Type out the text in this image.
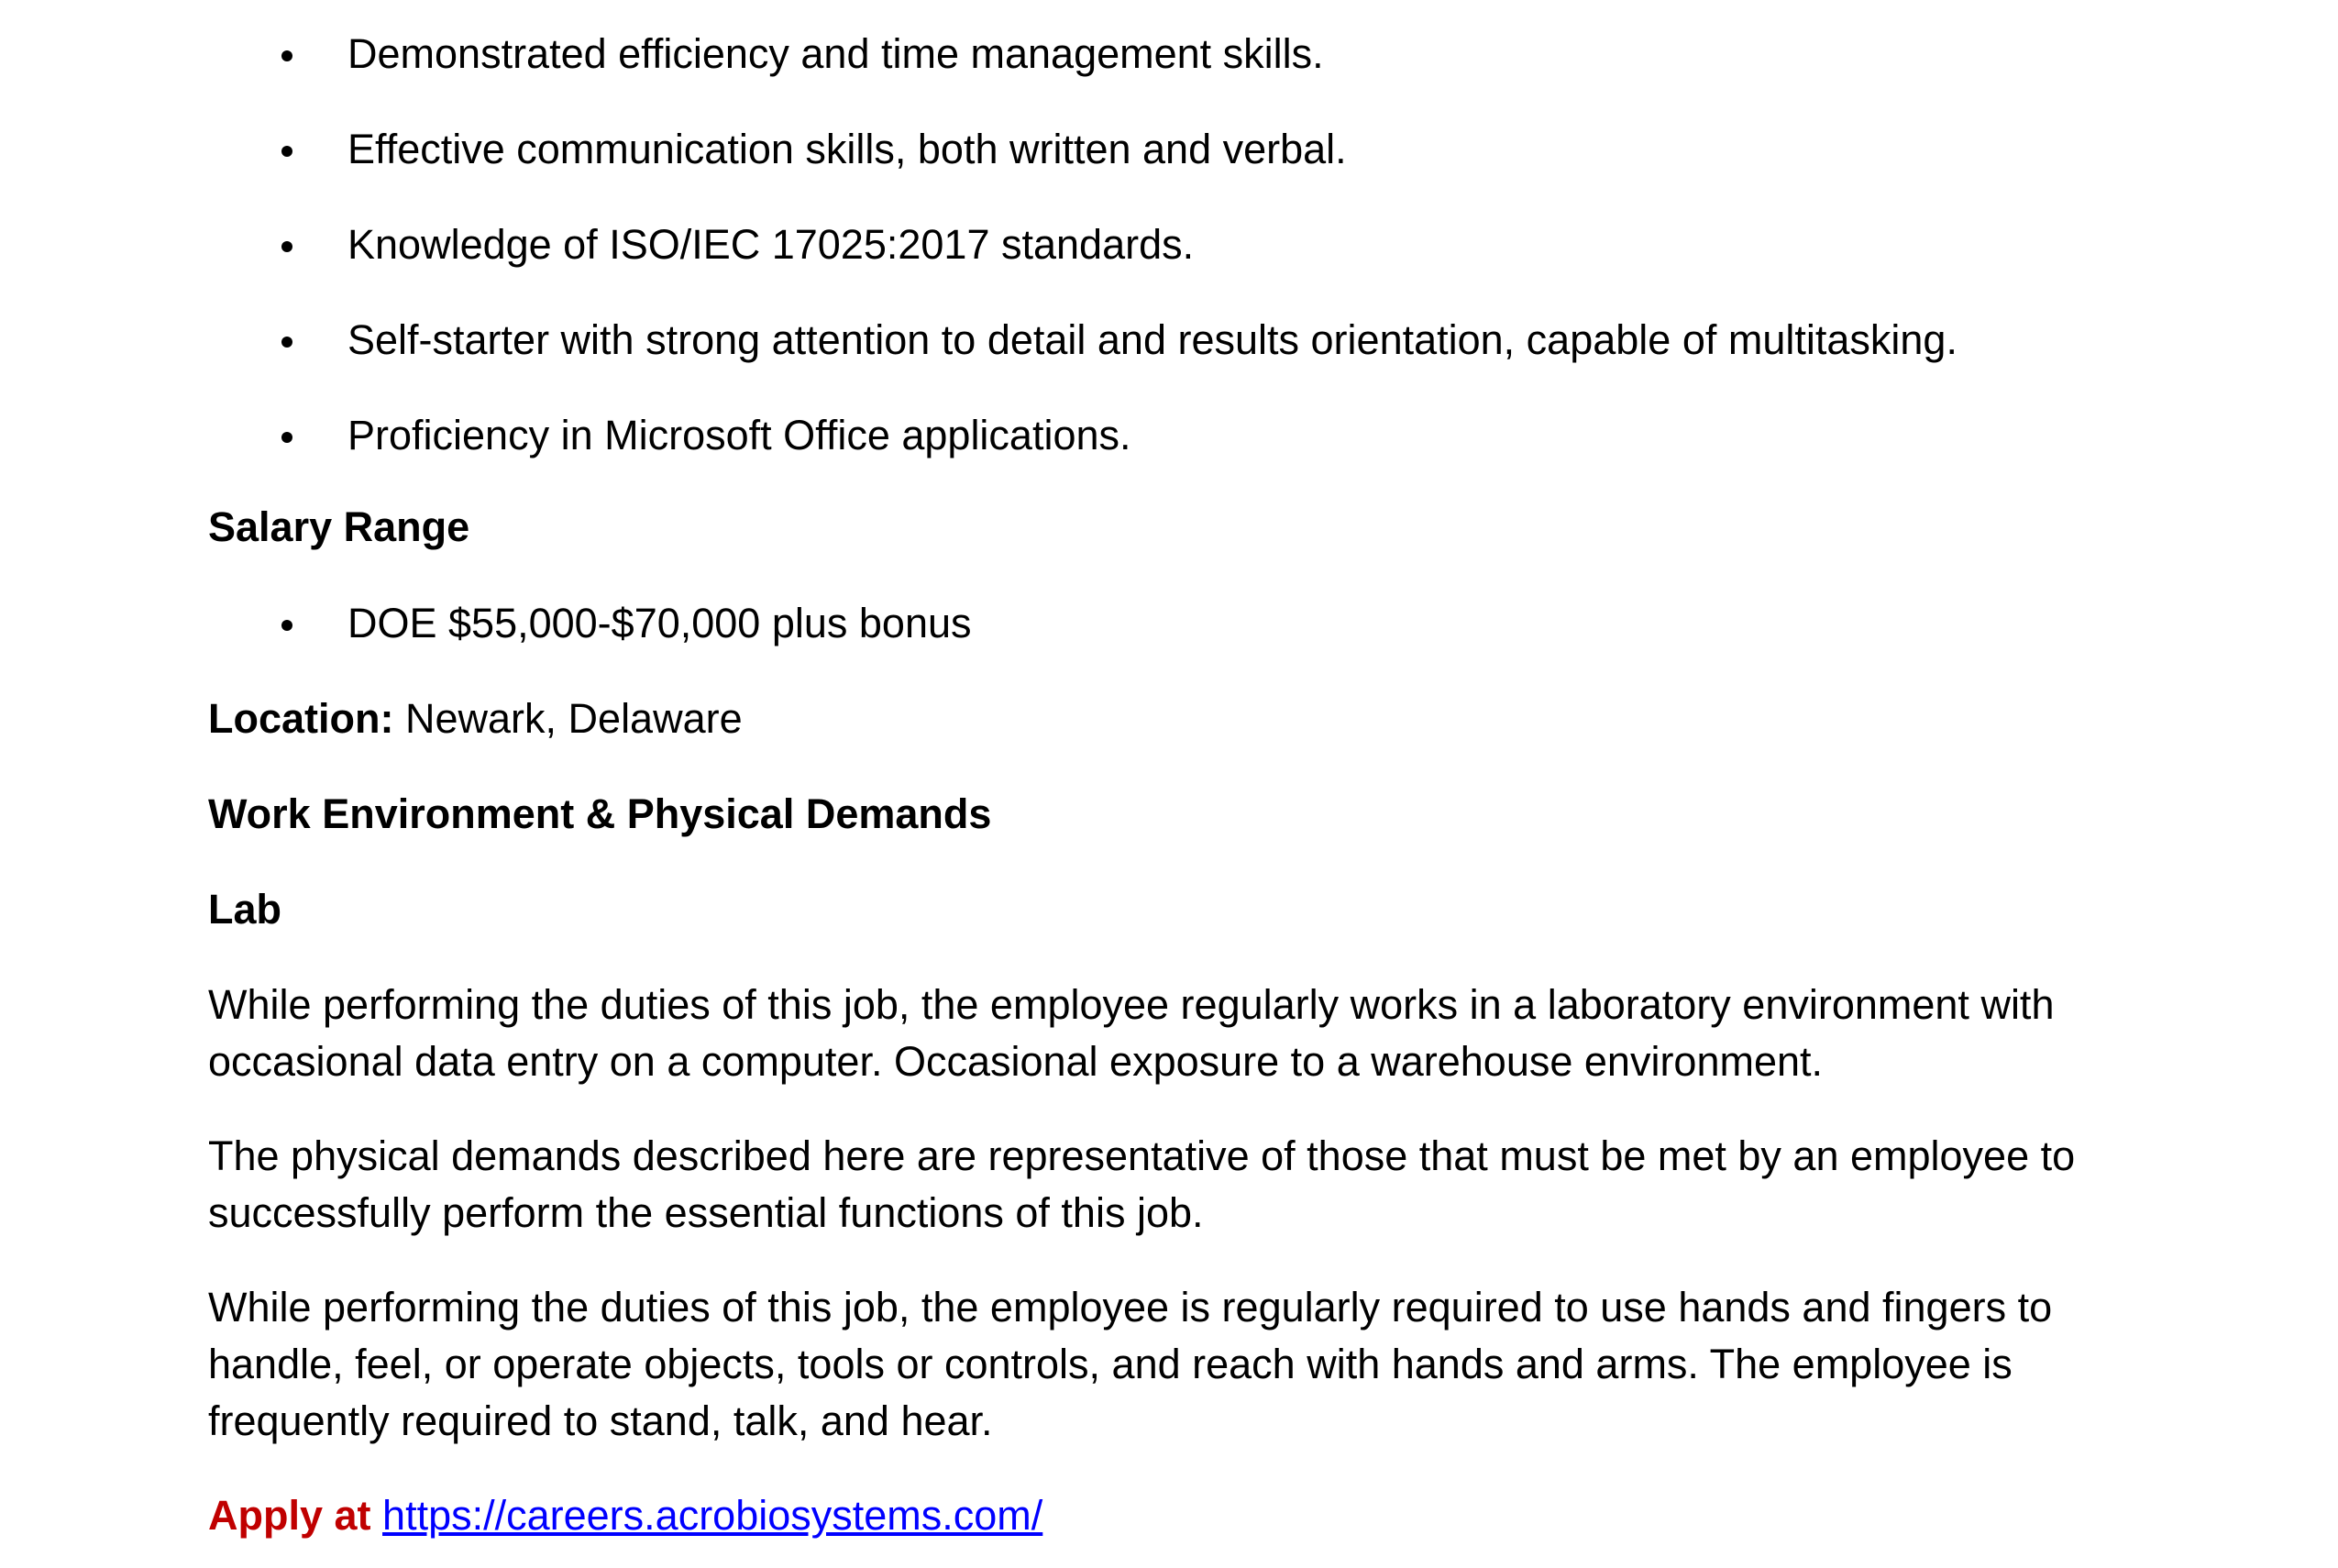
Demonstrated efficiency and time management skills.
Effective communication skills, both written and verbal.
Knowledge of ISO/IEC 17025:2017 standards.
Self-starter with strong attention to detail and results orientation, capable of multitasking.
Proficiency in Microsoft Office applications.
Salary Range
DOE $55,000-$70,000 plus bonus
Location: Newark, Delaware
Work Environment & Physical Demands
Lab
While performing the duties of this job, the employee regularly works in a laboratory environment with occasional data entry on a computer. Occasional exposure to a warehouse environment.
The physical demands described here are representative of those that must be met by an employee to successfully perform the essential functions of this job.
While performing the duties of this job, the employee is regularly required to use hands and fingers to handle, feel, or operate objects, tools or controls, and reach with hands and arms. The employee is frequently required to stand, talk, and hear.
Apply at https://careers.acrobiosystems.com/
